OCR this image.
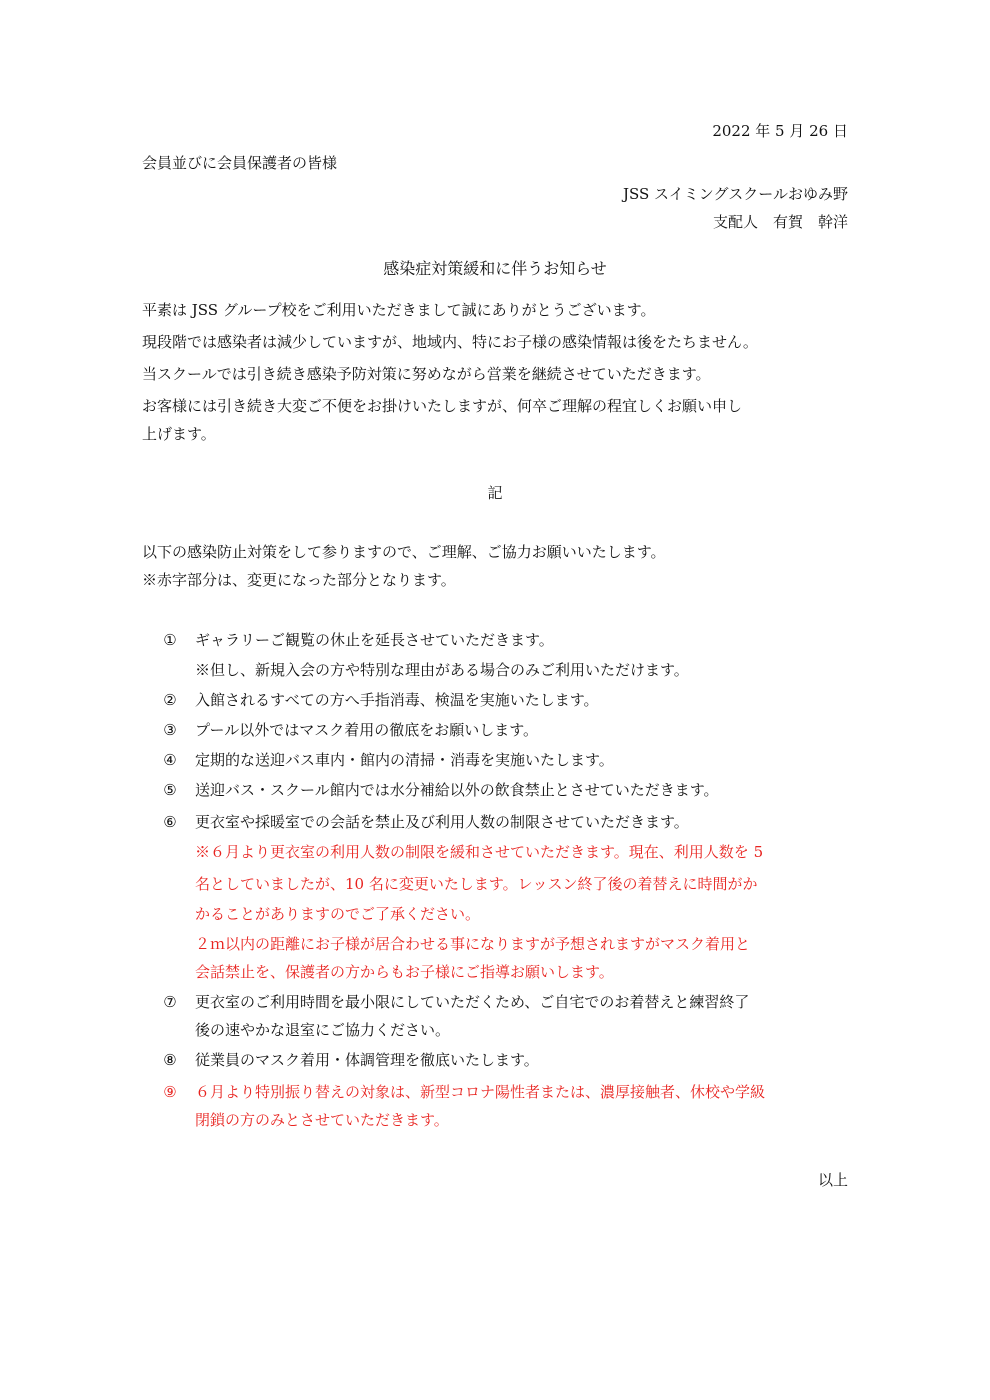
2022 年 5 月 26 日
会員並びに会員保護者の皆様
JSS スイミングスクールおゆみ野
支配人　有賀　幹洋
感染症対策緩和に伴うお知らせ
平素は JSS グループ校をご利用いただきまして誠にありがとうございます。
現段階では感染者は減少していますが、地域内、特にお子様の感染情報は後をたちません。
当スクールでは引き続き感染予防対策に努めながら営業を継続させていただきます。
お客様には引き続き大変ご不便をお掛けいたしますが、何卒ご理解の程宜しくお願い申し
上げます。
記
以下の感染防止対策をして参りますので、ご理解、ご協力お願いいたします。
※赤字部分は、変更になった部分となります。
①	ギャラリーご観覧の休止を延長させていただきます。
※但し、新規入会の方や特別な理由がある場合のみご利用いただけます。
②	入館されるすべての方へ手指消毒、検温を実施いたします。
③	プール以外ではマスク着用の徹底をお願いします。
④	定期的な送迎バス車内・館内の清掃・消毒を実施いたします。
⑤	送迎バス・スクール館内では水分補給以外の飲食禁止とさせていただきます。
⑥	更衣室や採暖室での会話を禁止及び利用人数の制限させていただきます。
※６月より更衣室の利用人数の制限を緩和させていただきます。現在、利用人数を 5
名としていましたが、10 名に変更いたします。レッスン終了後の着替えに時間がか
かることがありますのでご了承ください。
２ｍ以内の距離にお子様が居合わせる事になりますが予想されますがマスク着用と
会話禁止を、保護者の方からもお子様にご指導お願いします。
⑦	更衣室のご利用時間を最小限にしていただくため、ご自宅でのお着替えと練習終了
後の速やかな退室にご協力ください。
⑧	従業員のマスク着用・体調管理を徹底いたします。
⑨	６月より特別振り替えの対象は、新型コロナ陽性者または、濃厚接触者、休校や学級
閉鎖の方のみとさせていただきます。
以上
